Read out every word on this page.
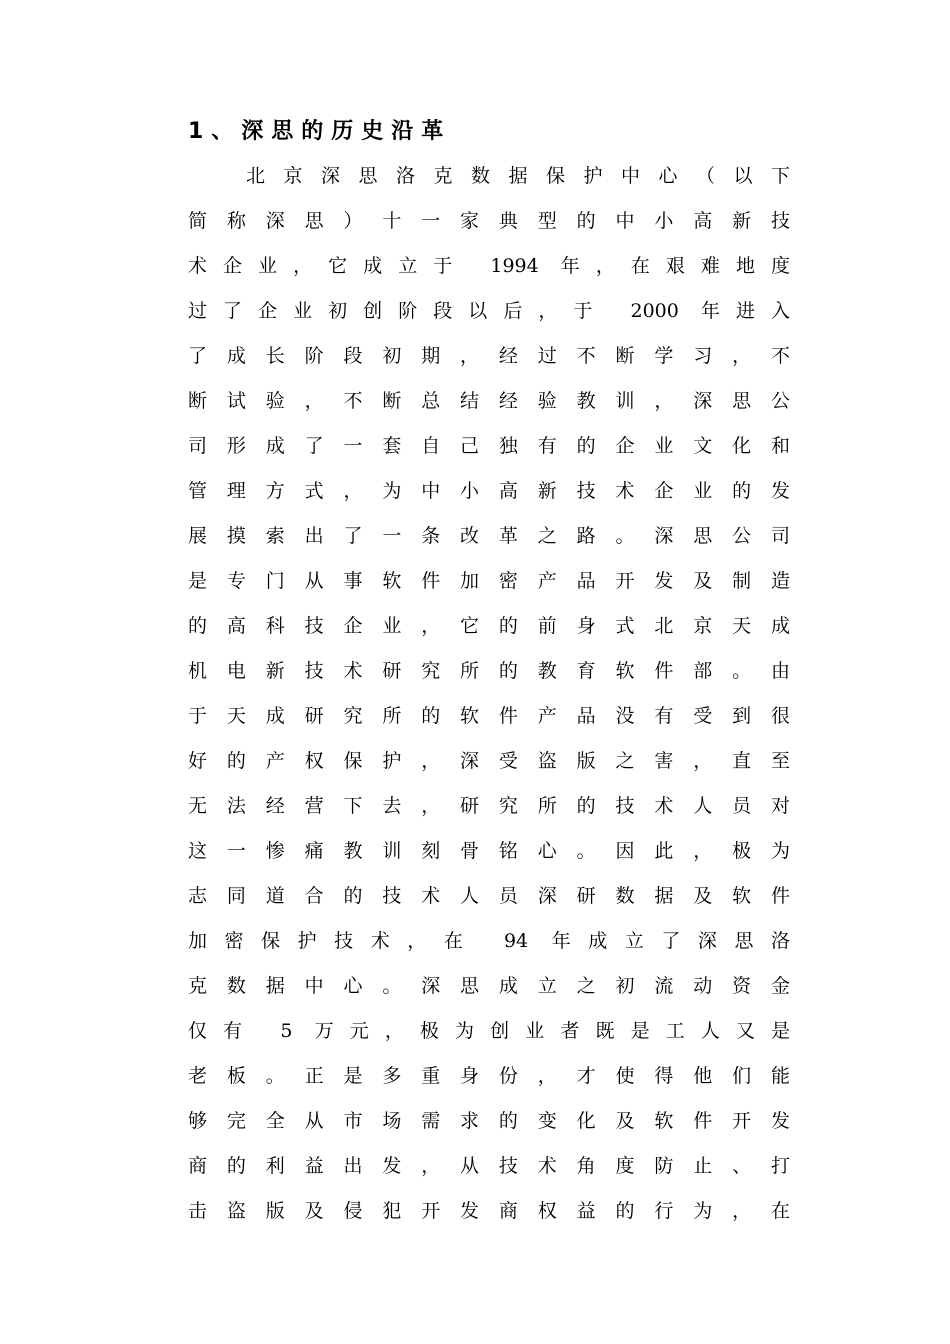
1、深思的历史沿革
北京深思洛克数据保护中心（以下
简称深思）十一家典型的中小高新技
术企业，它成立于 1994 年，在艰难地度
过了企业初创阶段以后，于 2000 年进入
了成长阶段初期，经过不断学习，不
断试验，不断总结经验教训，深思公
司形成了一套自己独有的企业文化和
管理方式，为中小高新技术企业的发
展摸索出了一条改革之路。深思公司
是专门从事软件加密产品开发及制造
的高科技企业，它的前身式北京天成
机电新技术研究所的教育软件部。由
于天成研究所的软件产品没有受到很
好的产权保护，深受盗版之害，直至
无法经营下去，研究所的技术人员对
这一惨痛教训刻骨铭心。因此，极为
志同道合的技术人员深研数据及软件
加密保护技术，在 94 年成立了深思洛
克数据中心。深思成立之初流动资金
仅有 5 万元，极为创业者既是工人又是
老板。正是多重身份，才使得他们能
够完全从市场需求的变化及软件开发
商的利益出发，从技术角度防止、打
击盗版及侵犯开发商权益的行为，在
